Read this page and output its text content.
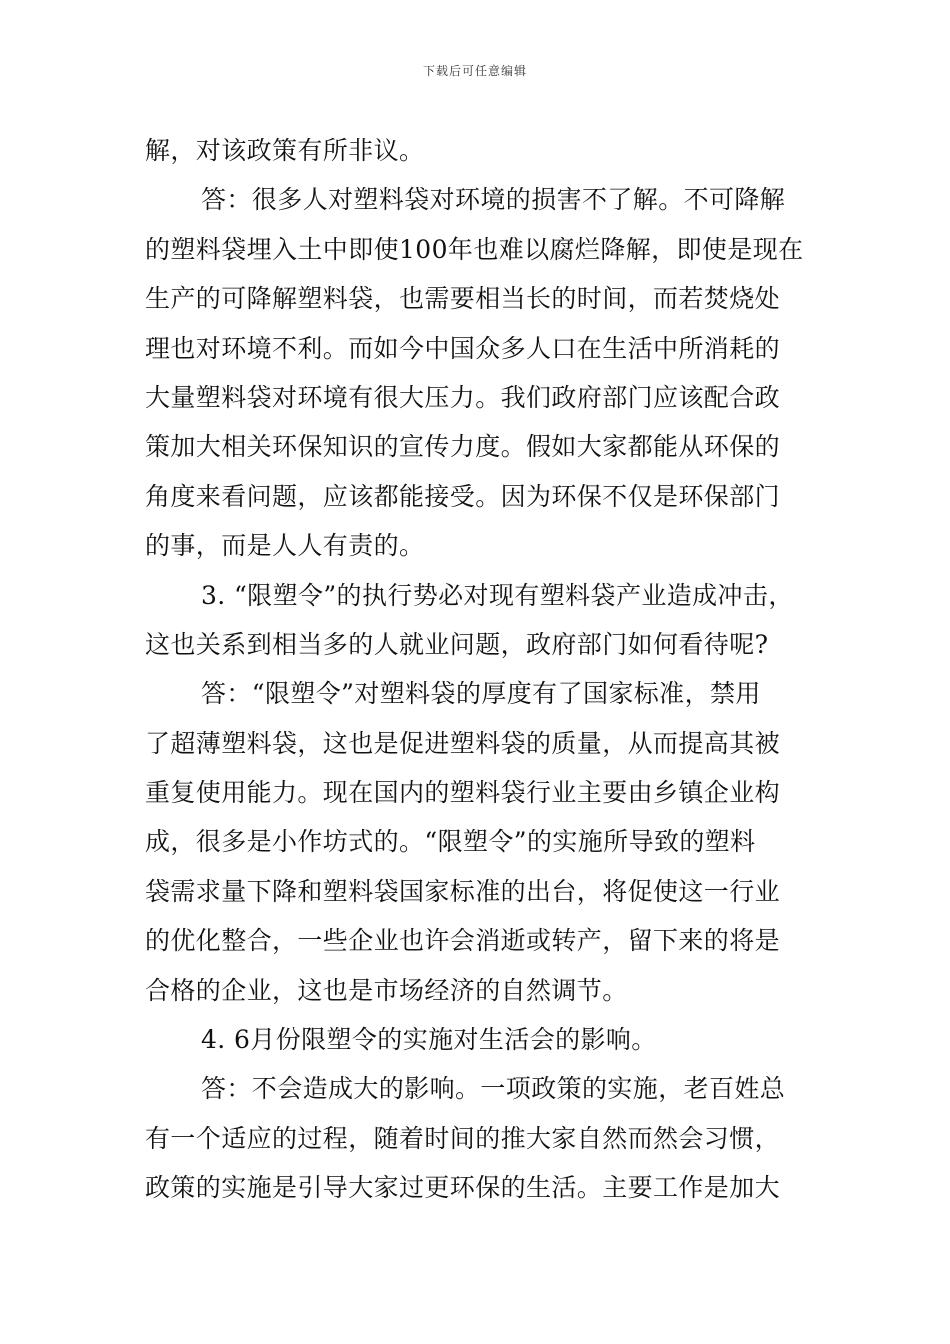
下载后可任意编辑
解，对该政策有所非议。
答：很多人对塑料袋对环境的损害不了解。不可降解
的塑料袋埋入土中即使100年也难以腐烂降解，即使是现在
生产的可降解塑料袋，也需要相当长的时间，而若焚烧处
理也对环境不利。而如今中国众多人口在生活中所消耗的
大量塑料袋对环境有很大压力。我们政府部门应该配合政
策加大相关环保知识的宣传力度。假如大家都能从环保的
角度来看问题，应该都能接受。因为环保不仅是环保部门
的事，而是人人有责的。
3. “限塑令”的执行势必对现有塑料袋产业造成冲击，
这也关系到相当多的人就业问题，政府部门如何看待呢?
答：“限塑令”对塑料袋的厚度有了国家标准，禁用
了超薄塑料袋，这也是促进塑料袋的质量，从而提高其被
重复使用能力。现在国内的塑料袋行业主要由乡镇企业构
成，很多是小作坊式的。“限塑令”的实施所导致的塑料
袋需求量下降和塑料袋国家标准的出台，将促使这一行业
的优化整合，一些企业也许会消逝或转产，留下来的将是
合格的企业，这也是市场经济的自然调节。
4. 6月份限塑令的实施对生活会的影响。
答：不会造成大的影响。一项政策的实施，老百姓总
有一个适应的过程，随着时间的推大家自然而然会习惯，
政策的实施是引导大家过更环保的生活。主要工作是加大
